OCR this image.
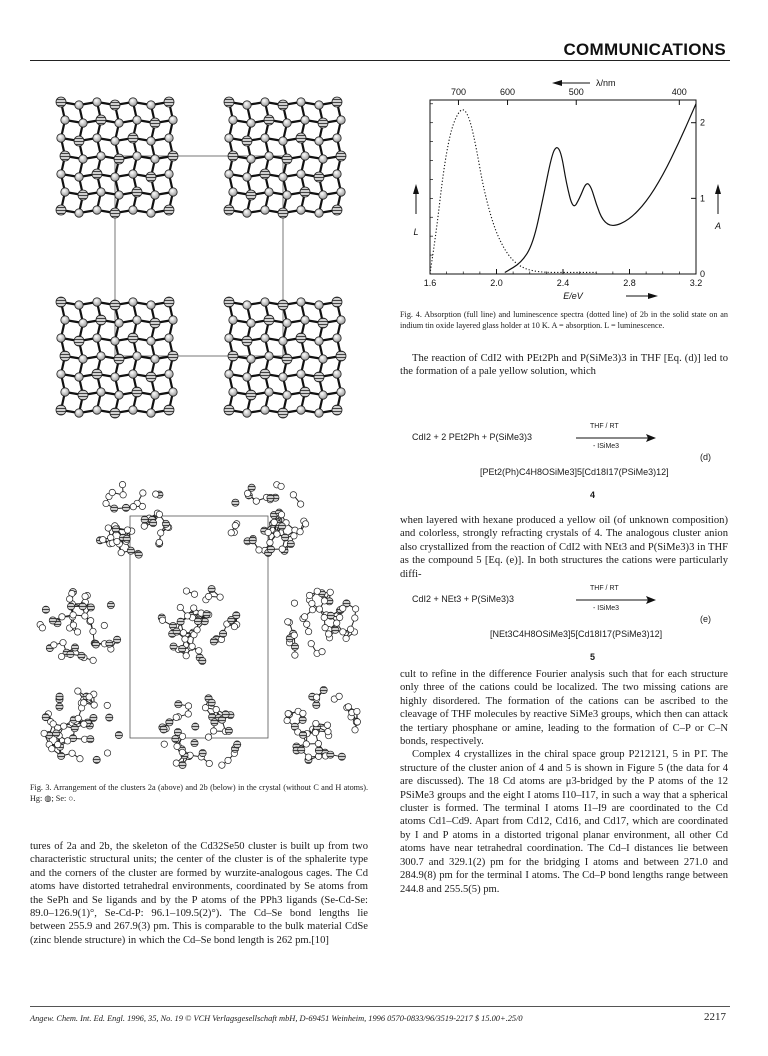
COMMUNICATIONS
Fig. 3. Arrangement of the clusters 2a (above) and 2b (below) in the crystal (without C and H atoms). Hg: ◍; Se: ○.

tures of 2a and 2b, the skeleton of the Cd32Se50 cluster is built up from two characteristic structural units; the center of the cluster is of the sphalerite type and the corners of the cluster are formed by wurzite-analogous cages. The Cd atoms have distorted tetrahedral environments, coordinated by Se atoms from the SePh and Se ligands and by the P atoms of the PPh3 ligands (Se-Cd-Se: 89.0–126.9(1)°, Se-Cd-P: 96.1–109.5(2)°). The Cd–Se bond lengths lie between 255.9 and 267.9(3) pm. This is comparable to the bulk material CdSe (zinc blende structure) in which the Cd–Se bond length is 262 pm.[10]

1.6	2.0	2.4	2.8	3.2
700	600	500	400
0
1
2
E/eV
λ/nm
L
A
Fig. 4. Absorption (full line) and luminescence spectra (dotted line) of 2b in the solid state on an indium tin oxide layered glass holder at 10 K. A = absorption. L = luminescence.

The reaction of CdI2 with PEt2Ph and P(SiMe3)3 in THF [Eq. (d)] led to the formation of a pale yellow solution, which

CdI2 + 2 PEt2Ph + P(SiMe3)3
THF / RT
- ISiMe3
(d)
[PEt2(Ph)C4H8OSiMe3]5[Cd18I17(PSiMe3)12]
4

when layered with hexane produced a yellow oil (of unknown composition) and colorless, strongly refracting crystals of 4. The analogous cluster anion also crystallized from the reaction of CdI2 with NEt3 and P(SiMe3)3 in THF as the compound 5 [Eq. (e)]. In both structures the cations were particularly diffi-

CdI2 + NEt3 + P(SiMe3)3
THF / RT
- ISiMe3
(e)
[NEt3C4H8OSiMe3]5[Cd18I17(PSiMe3)12]
5

cult to refine in the difference Fourier analysis such that for each structure only three of the cations could be localized. The two missing cations are highly disordered. The formation of the cations can be ascribed to the cleavage of THF molecules by reactive SiMe3 groups, which then can attack the tertiary phosphane or amine, leading to the formation of C–P or C–N bonds, respectively.

Complex 4 crystallizes in the chiral space group P212121, 5 in P1̄. The structure of the cluster anion of 4 and 5 is shown in Figure 5 (the data for 4 are discussed). The 18 Cd atoms are μ3-bridged by the P atoms of the 12 PSiMe3 groups and the eight I atoms I10–I17, in such a way that a spherical cluster is formed. The terminal I atoms I1–I9 are coordinated to the Cd atoms Cd1–Cd9. Apart from Cd12, Cd16, and Cd17, which are coordinated by I and P atoms in a distorted trigonal planar environment, all other Cd atoms have near tetrahedral coordination. The Cd–I distances lie between 300.7 and 329.1(2) pm for the bridging I atoms and between 271.0 and 284.9(8) pm for the terminal I atoms. The Cd–P bond lengths range between 244.8 and 255.5(5) pm.

Angew. Chem. Int. Ed. Engl. 1996, 35, No. 19 © VCH Verlagsgesellschaft mbH, D-69451 Weinheim, 1996 0570-0833/96/3519-2217 $ 15.00+.25/0	2217
